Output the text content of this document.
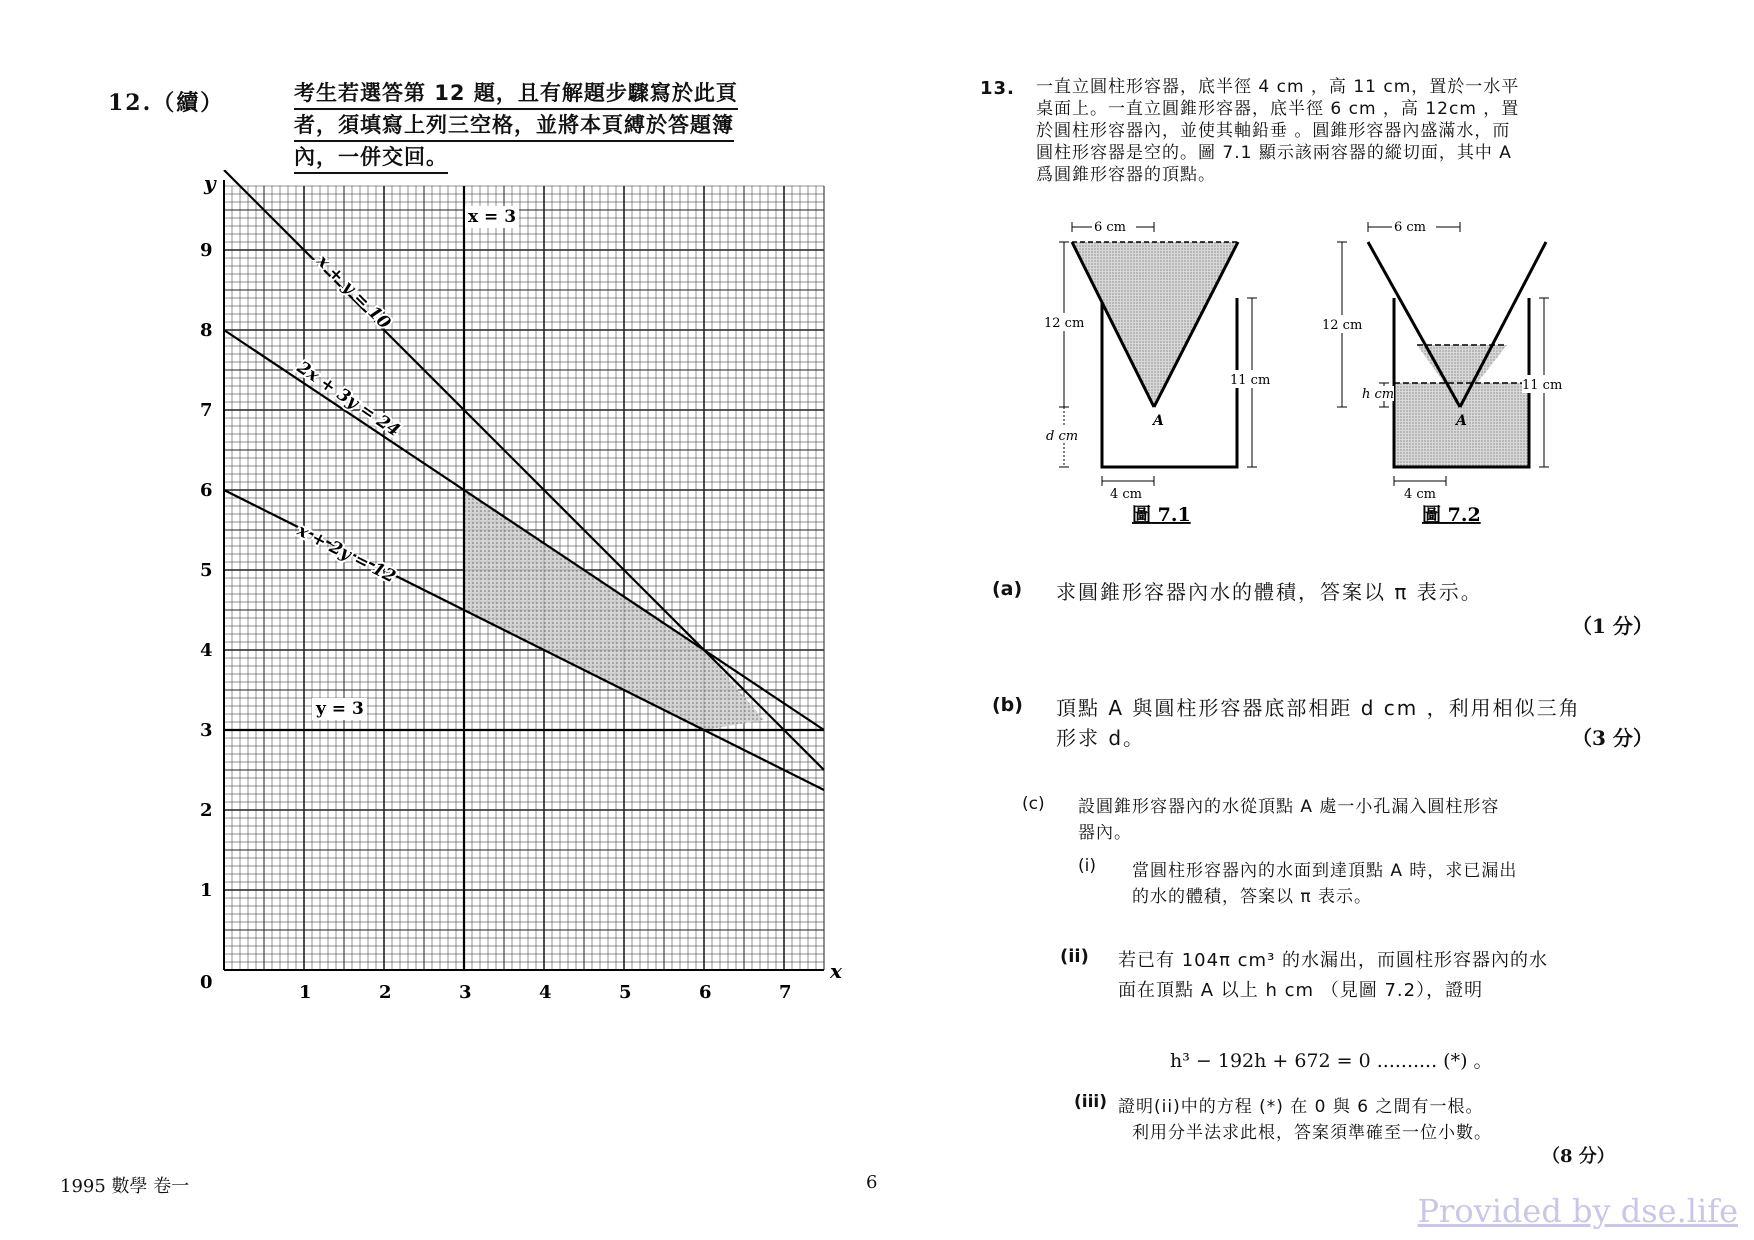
12.（續）	考生若選答第 12 題，且有解題步驟寫於此頁
者，須填寫上列三空格，並將本頁縛於答題簿
內，一併交回。
1	2	3	4	5	6	7
1
2
3
4
5
6
7
8
9
x
y
0
x = 3
y = 3
x + y = 10
2x + 3y = 24
x + 2y = 12
1995 數學 卷一	6
13. 一直立圓柱形容器，底半徑 4 cm ，高 11 cm，置於一水平
桌面上。一直立圓錐形容器，底半徑 6 cm ，高 12cm ，置
於圓柱形容器內，並使其軸鉛垂 。圓錐形容器內盛滿水，而
圓柱形容器是空的。圖 7.1 顯示該兩容器的縱切面，其中 A
爲圓錐形容器的頂點。
A
6 cm
12 cm
d cm
11 cm
4 cm
圖 7.1
A
6 cm
12 cm
h cm
11 cm
4 cm
圖 7.2
(a) 求圓錐形容器內水的體積，答案以 π 表示。
（1 分）
(b) 頂點 A 與圓柱形容器底部相距 d cm ，利用相似三角
形求 d。	（3 分）
(c) 設圓錐形容器內的水從頂點 A 處一小孔漏入圓柱形容
器內。
(i) 當圓柱形容器內的水面到達頂點 A 時，求已漏出
的水的體積，答案以 π 表示。
(ii) 若已有 104π cm³ 的水漏出，而圓柱形容器內的水
面在頂點 A 以上 h cm （見圖 7.2），證明
h³ − 192h + 672 = 0 .......... (*) 。
(iii) 證明(ii)中的方程 (*) 在 0 與 6 之間有一根。
利用分半法求此根，答案須準確至一位小數。
（8 分）
Provided by dse.life
